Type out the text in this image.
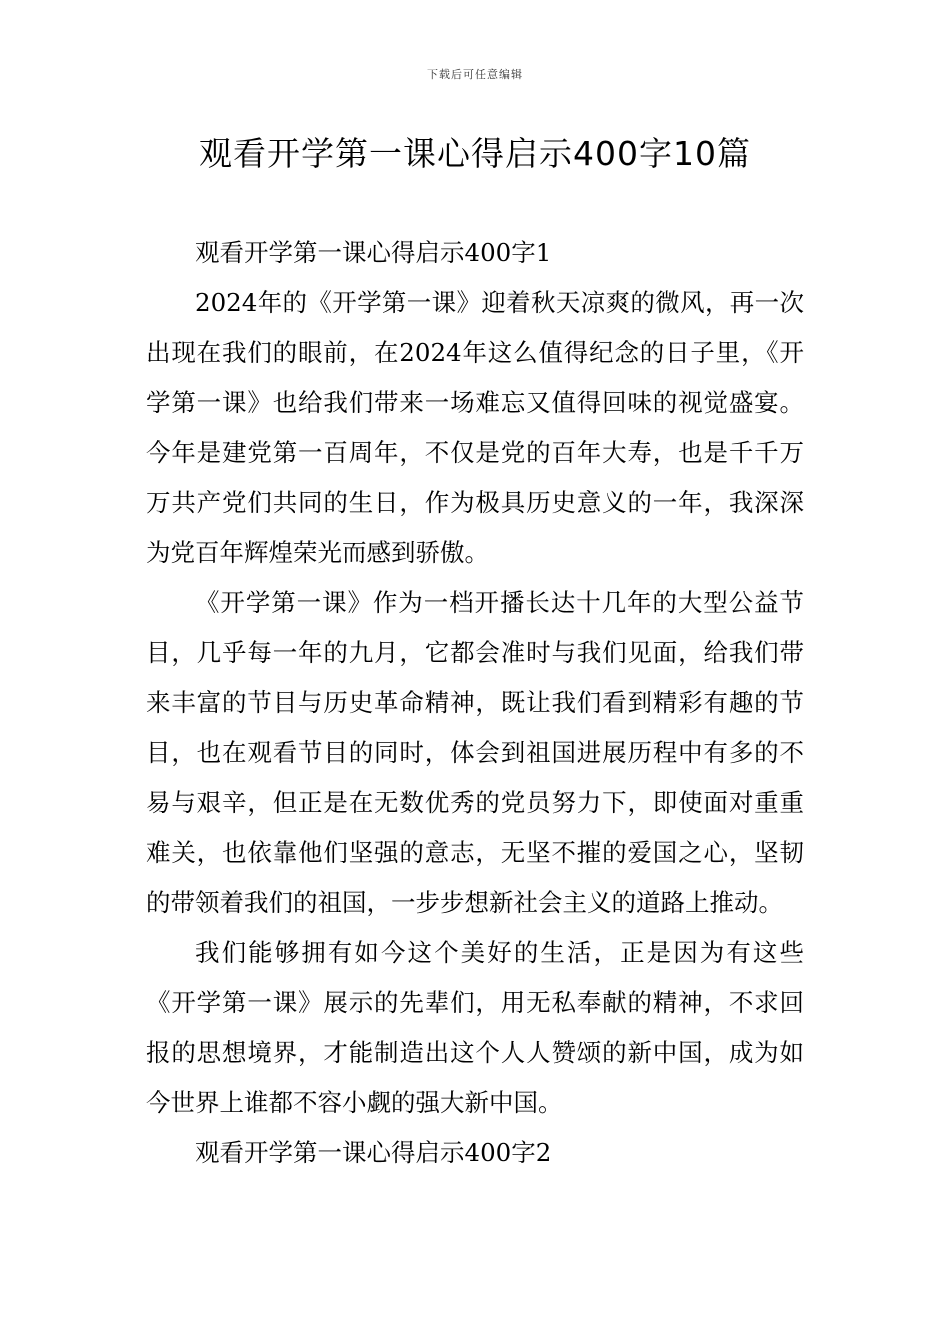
下载后可任意编辑
观看开学第一课心得启示400字10篇

观看开学第一课心得启示400字1

2024年的《开学第一课》迎着秋天凉爽的微风，再一次出现在我们的眼前，在2024年这么值得纪念的日子里，《开学第一课》也给我们带来一场难忘又值得回味的视觉盛宴。今年是建党第一百周年，不仅是党的百年大寿，也是千千万万共产党们共同的生日，作为极具历史意义的一年，我深深为党百年辉煌荣光而感到骄傲。

《开学第一课》作为一档开播长达十几年的大型公益节目，几乎每一年的九月，它都会准时与我们见面，给我们带来丰富的节目与历史革命精神，既让我们看到精彩有趣的节目，也在观看节目的同时，体会到祖国进展历程中有多的不易与艰辛，但正是在无数优秀的党员努力下，即使面对重重难关，也依靠他们坚强的意志，无坚不摧的爱国之心，坚韧的带领着我们的祖国，一步步想新社会主义的道路上推动。

我们能够拥有如今这个美好的生活，正是因为有这些《开学第一课》展示的先辈们，用无私奉献的精神，不求回报的思想境界，才能制造出这个人人赞颂的新中国，成为如今世界上谁都不容小觑的强大新中国。

观看开学第一课心得启示400字2
